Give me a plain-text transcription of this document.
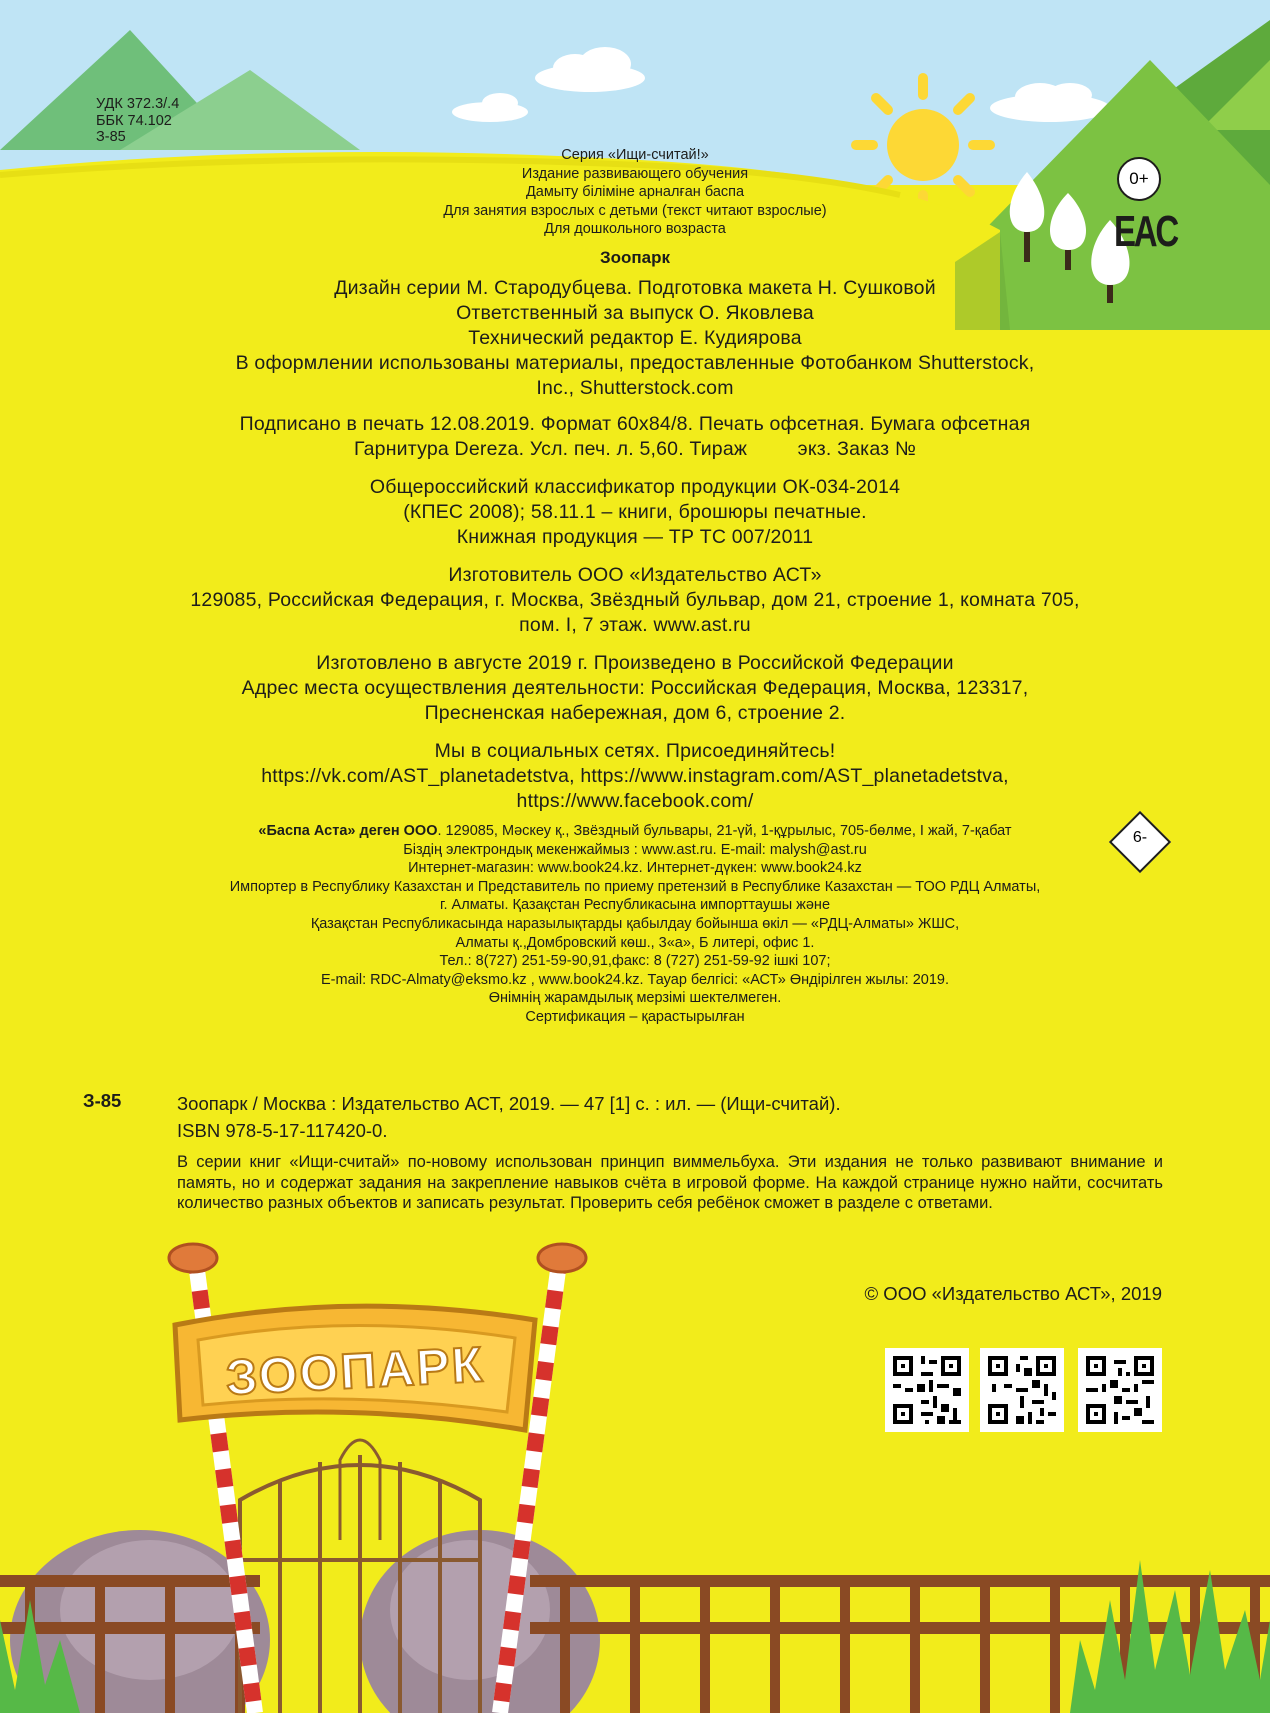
ЗООПАРК
0+
EAC
6-
УДК 372.3/.4
ББК 74.102
З-85
Серия «Ищи-считай!»
Издание развивающего обучения
Дамыту біліміне арналған баспа
Для занятия взрослых с детьми (текст читают взрослые)
Для дошкольного возраста
Зоопарк
Дизайн серии М. Стародубцева. Подготовка макета Н. Сушковой
Ответственный за выпуск О. Яковлева
Технический редактор Е. Кудиярова
В оформлении использованы материалы, предоставленные Фотобанком Shutterstock,
Inc., Shutterstock.com
Подписано в печать 12.08.2019. Формат 60x84/8. Печать офсетная. Бумага офсетная
Гарнитура Dereza. Усл. печ. л. 5,60. Тираж         экз. Заказ №
Общероссийский классификатор продукции ОК-034-2014
(КПЕС 2008); 58.11.1 – книги, брошюры печатные.
Книжная продукция — ТР ТС 007/2011
Изготовитель ООО «Издательство АСТ»
129085, Российская Федерация, г. Москва, Звёздный бульвар, дом 21, строение 1, комната 705,
пом. I, 7 этаж. www.ast.ru
Изготовлено в августе 2019 г. Произведено в Российской Федерации
Адрес места осуществления деятельности: Российская Федерация, Москва, 123317,
Пресненская набережная, дом 6, строение 2.
Мы в социальных сетях. Присоединяйтесь!
https://vk.com/AST_planetadetstva, https://www.instagram.com/AST_planetadetstva,
https://www.facebook.com/
«Баспа Аста» деген ООО. 129085, Мәскеу қ., Звёздный бульвары, 21-үй, 1-құрылыс, 705-бөлме, I жай, 7-қабат
Біздің электрондық мекенжаймыз : www.ast.ru. E-mail: malysh@ast.ru
Интернет-магазин: www.book24.kz. Интернет-дүкен: www.book24.kz
Импортер в Республику Казахстан и Представитель по приему претензий в Республике Казахстан — ТОО РДЦ Алматы,
г. Алматы. Қазақстан Республикасына импорттаушы және
Қазақстан Республикасында наразылықтарды қабылдау бойынша өкіл — «РДЦ-Алматы» ЖШС,
Алматы қ.,Домбровский көш., 3«а», Б литері, офис 1.
Тел.: 8(727) 251-59-90,91,факс: 8 (727) 251-59-92 ішкі 107;
E-mail: RDC-Almaty@eksmo.kz , www.book24.kz. Тауар белгісі: «АСТ» Өндірілген жылы: 2019.
Өнімнің жарамдылық мерзімі шектелмеген.
Сертификация – қарастырылған
З-85	Зоопарк / Москва : Издательство АСТ, 2019. — 47 [1] с. : ил. — (Ищи-считай).
ISBN 978-5-17-117420-0.
В серии книг «Ищи-считай» по-новому использован принцип виммельбуха. Эти издания не только развивают внимание и память, но и содержат задания на закрепление навыков счёта в игровой форме. На каждой странице нужно найти, сосчитать количество разных объектов и записать результат. Проверить себя ребёнок сможет в разделе с ответами.
© ООО «Издательство АСТ», 2019
